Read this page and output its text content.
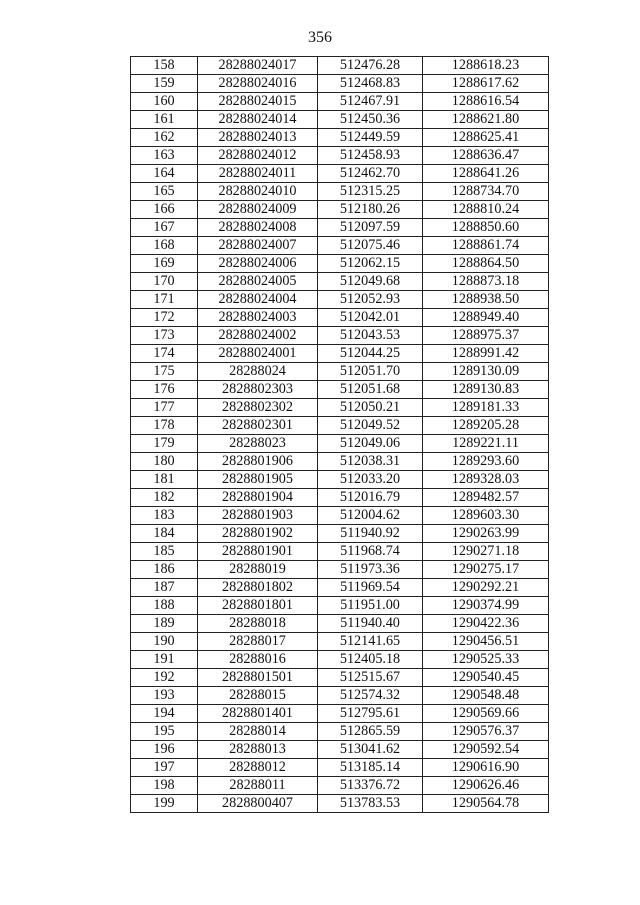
356
158	28288024017	512476.28	1288618.23
159	28288024016	512468.83	1288617.62
160	28288024015	512467.91	1288616.54
161	28288024014	512450.36	1288621.80
162	28288024013	512449.59	1288625.41
163	28288024012	512458.93	1288636.47
164	28288024011	512462.70	1288641.26
165	28288024010	512315.25	1288734.70
166	28288024009	512180.26	1288810.24
167	28288024008	512097.59	1288850.60
168	28288024007	512075.46	1288861.74
169	28288024006	512062.15	1288864.50
170	28288024005	512049.68	1288873.18
171	28288024004	512052.93	1288938.50
172	28288024003	512042.01	1288949.40
173	28288024002	512043.53	1288975.37
174	28288024001	512044.25	1288991.42
175	28288024	512051.70	1289130.09
176	2828802303	512051.68	1289130.83
177	2828802302	512050.21	1289181.33
178	2828802301	512049.52	1289205.28
179	28288023	512049.06	1289221.11
180	2828801906	512038.31	1289293.60
181	2828801905	512033.20	1289328.03
182	2828801904	512016.79	1289482.57
183	2828801903	512004.62	1289603.30
184	2828801902	511940.92	1290263.99
185	2828801901	511968.74	1290271.18
186	28288019	511973.36	1290275.17
187	2828801802	511969.54	1290292.21
188	2828801801	511951.00	1290374.99
189	28288018	511940.40	1290422.36
190	28288017	512141.65	1290456.51
191	28288016	512405.18	1290525.33
192	2828801501	512515.67	1290540.45
193	28288015	512574.32	1290548.48
194	2828801401	512795.61	1290569.66
195	28288014	512865.59	1290576.37
196	28288013	513041.62	1290592.54
197	28288012	513185.14	1290616.90
198	28288011	513376.72	1290626.46
199	2828800407	513783.53	1290564.78
